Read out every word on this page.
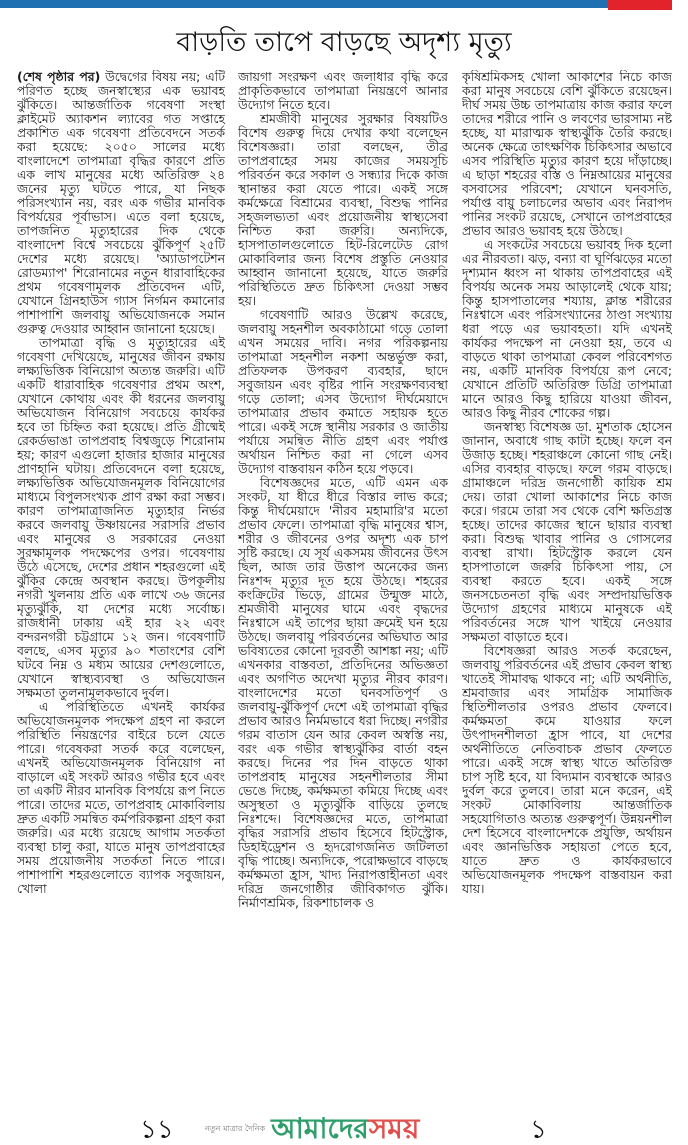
বাড়তি তাপে বাড়ছে অদৃশ্য মৃত্যু

(শেষ পৃষ্ঠার পর) উদ্বেগের বিষয় নয়; এটি পরিণত হচ্ছে জনস্বাস্থ্যের এক ভয়াবহ ঝুঁকিতে। আন্তর্জাতিক গবেষণা সংস্থা ক্লাইমেট অ্যাকশন ল্যাবের গত সপ্তাহে প্রকাশিত এক গবেষণা প্রতিবেদনে সতর্ক করা হয়েছে: ২০৫০ সালের মধ্যে বাংলাদেশে তাপমাত্রা বৃদ্ধির কারণে প্রতি এক লাখ মানুষের মধ্যে অতিরিক্ত ২৪ জনের মৃত্যু ঘটতে পারে, যা নিছক পরিসংখ্যান নয়, বরং এক গভীর মানবিক বিপর্যয়ের পূর্বাভাস। এতে বলা হয়েছে, তাপজনিত মৃত্যুহারের দিক থেকে বাংলাদেশ বিশ্বে সবচেয়ে ঝুঁকিপূর্ণ ২৫টি দেশের মধ্যে রয়েছে। 'অ্যাডাপটেশন রোডম্যাপ' শিরোনামের নতুন ধারাবাহিকের প্রথম গবেষণামূলক প্রতিবেদন এটি, যেখানে গ্রিনহাউস গ্যাস নির্গমন কমানোর পাশাপাশি জলবায়ু অভিযোজনকে সমান গুরুত্ব দেওয়ার আহ্বান জানানো হয়েছে।

তাপমাত্রা বৃদ্ধি ও মৃত্যুহারের এই গবেষণা দেখিয়েছে, মানুষের জীবন রক্ষায় লক্ষ্যভিত্তিক বিনিয়োগ অত্যন্ত জরুরি। এটি একটি ধারাবাহিক গবেষণার প্রথম অংশ, যেখানে কোথায় এবং কী ধরনের জলবায়ু অভিযোজন বিনিয়োগ সবচেয়ে কার্যকর হবে তা চিহ্নিত করা হয়েছে। প্রতি গ্রীষ্মেই রেকর্ডভাঙা তাপপ্রবাহ বিশ্বজুড়ে শিরোনাম হয়; কারণ এগুলো হাজার হাজার মানুষের প্রাণহানি ঘটায়। প্রতিবেদনে বলা হয়েছে, লক্ষ্যভিত্তিক অভিযোজনমূলক বিনিয়োগের মাধ্যমে বিপুলসংখ্যক প্রাণ রক্ষা করা সম্ভব। কারণ তাপমাত্রাজনিত মৃত্যুহার নির্ভর করবে জলবায়ু উষ্ণায়নের সরাসরি প্রভাব এবং মানুষের ও সরকারের নেওয়া সুরক্ষামূলক পদক্ষেপের ওপর। গবেষণায় উঠে এসেছে, দেশের প্রধান শহরগুলো এই ঝুঁকির কেন্দ্রে অবস্থান করছে। উপকূলীয় নগরী খুলনায় প্রতি এক লাখে ৩৬ জনের মৃত্যুঝুঁকি, যা দেশের মধ্যে সর্বোচ্চ। রাজধানী ঢাকায় এই হার ২২ এবং বন্দরনগরী চট্টগ্রামে ১২ জন। গবেষণাটি বলছে, এসব মৃত্যুর ৯০ শতাংশের বেশি ঘটবে নিম্ন ও মধ্যম আয়ের দেশগুলোতে, যেখানে স্বাস্থ্যব্যবস্থা ও অভিযোজন সক্ষমতা তুলনামূলকভাবে দুর্বল।

এ পরিস্থিতিতে এখনই কার্যকর অভিযোজনমূলক পদক্ষেপ গ্রহণ না করলে পরিস্থিতি নিয়ন্ত্রণের বাইরে চলে যেতে পারে। গবেষকরা সতর্ক করে বলেছেন, এখনই অভিযোজনমূলক বিনিয়োগ না বাড়ালে এই সংকট আরও গভীর হবে এবং তা একটি নীরব মানবিক বিপর্যয়ে রূপ নিতে পারে। তাদের মতে, তাপপ্রবাহ মোকাবিলায় দ্রুত একটি সমন্বিত কর্মপরিকল্পনা গ্রহণ করা জরুরি। এর মধ্যে রয়েছে আগাম সতর্কতা ব্যবস্থা চালু করা, যাতে মানুষ তাপপ্রবাহের সময় প্রয়োজনীয় সতর্কতা নিতে পারে। পাশাপাশি শহরগুলোতে ব্যাপক সবুজায়ন, খোলা

জায়গা সংরক্ষণ এবং জলাধার বৃদ্ধি করে প্রাকৃতিকভাবে তাপমাত্রা নিয়ন্ত্রণে আনার উদ্যোগ নিতে হবে।

শ্রমজীবী মানুষের সুরক্ষার বিষয়টিও বিশেষ গুরুত্ব দিয়ে দেখার কথা বলেছেন বিশেষজ্ঞরা। তারা বলছেন, তীব্র তাপপ্রবাহের সময় কাজের সময়সূচি পরিবর্তন করে সকাল ও সন্ধ্যার দিকে কাজ স্থানান্তর করা যেতে পারে। একই সঙ্গে কর্মক্ষেত্রে বিশ্রামের ব্যবস্থা, বিশুদ্ধ পানির সহজলভ্যতা এবং প্রয়োজনীয় স্বাস্থ্যসেবা নিশ্চিত করা জরুরি। অন্যদিকে, হাসপাতালগুলোতে হিট-রিলেটেড রোগ মোকাবিলার জন্য বিশেষ প্রস্তুতি নেওয়ার আহ্বান জানানো হয়েছে, যাতে জরুরি পরিস্থিতিতে দ্রুত চিকিৎসা দেওয়া সম্ভব হয়।

গবেষণাটি আরও উল্লেখ করেছে, জলবায়ু সহনশীল অবকাঠামো গড়ে তোলা এখন সময়ের দাবি। নগর পরিকল্পনায় তাপমাত্রা সহনশীল নকশা অন্তর্ভুক্ত করা, প্রতিফলক উপকরণ ব্যবহার, ছাদে সবুজায়ন এবং বৃষ্টির পানি সংরক্ষণব্যবস্থা গড়ে তোলা; এসব উদ্যোগ দীর্ঘমেয়াদে তাপমাত্রার প্রভাব কমাতে সহায়ক হতে পারে। একই সঙ্গে স্থানীয় সরকার ও জাতীয় পর্যায়ে সমন্বিত নীতি গ্রহণ এবং পর্যাপ্ত অর্থায়ন নিশ্চিত করা না গেলে এসব উদ্যোগ বাস্তবায়ন কঠিন হয়ে পড়বে।

বিশেষজ্ঞদের মতে, এটি এমন এক সংকট, যা ধীরে ধীরে বিস্তার লাভ করে; কিন্তু দীর্ঘমেয়াদে 'নীরব মহামারি'র মতো প্রভাব ফেলে। তাপমাত্রা বৃদ্ধি মানুষের শ্বাস, শরীর ও জীবনের ওপর অদৃশ্য এক চাপ সৃষ্টি করছে। যে সূর্য একসময় জীবনের উৎস ছিল, আজ তার উত্তাপ অনেকের জন্য নিঃশব্দ মৃত্যুর দূত হয়ে উঠছে। শহরের কংক্রিটের ভিড়ে, গ্রামের উন্মুক্ত মাঠে, শ্রমজীবী মানুষের ঘামে এবং বৃদ্ধদের নিঃশ্বাসে এই তাপের ছায়া ক্রমেই ঘন হয়ে উঠছে। জলবায়ু পরিবর্তনের অভিঘাত আর ভবিষ্যতের কোনো দূরবর্তী আশঙ্কা নয়; এটি এখনকার বাস্তবতা, প্রতিদিনের অভিজ্ঞতা এবং অগণিত অদেখা মৃত্যুর নীরব কারণ। বাংলাদেশের মতো ঘনবসতিপূর্ণ ও জলবায়ু-ঝুঁকিপূর্ণ দেশে এই তাপমাত্রা বৃদ্ধির প্রভাব আরও নির্মমভাবে ধরা দিচ্ছে। নগরীর গরম বাতাস যেন আর কেবল অস্বস্তি নয়, বরং এক গভীর স্বাস্থ্যঝুঁকির বার্তা বহন করছে। দিনের পর দিন বাড়তে থাকা তাপপ্রবাহ মানুষের সহনশীলতার সীমা ভেঙে দিচ্ছে, কর্মক্ষমতা কমিয়ে দিচ্ছে এবং অসুস্থতা ও মৃত্যুঝুঁকি বাড়িয়ে তুলছে নিঃশব্দে। বিশেষজ্ঞদের মতে, তাপমাত্রা বৃদ্ধির সরাসরি প্রভাব হিসেবে হিটস্ট্রোক, ডিহাইড্রেশন ও হৃদরোগজনিত জটিলতা বৃদ্ধি পাচ্ছে। অন্যদিকে, পরোক্ষভাবে বাড়ছে কর্মক্ষমতা হ্রাস, খাদ্য নিরাপত্তাহীনতা এবং দরিদ্র জনগোষ্ঠীর জীবিকাগত ঝুঁকি। নির্মাণশ্রমিক, রিকশাচালক ও

কৃষিশ্রমিকসহ খোলা আকাশের নিচে কাজ করা মানুষ সবচেয়ে বেশি ঝুঁকিতে রয়েছেন। দীর্ঘ সময় উচ্চ তাপমাত্রায় কাজ করার ফলে তাদের শরীরে পানি ও লবণের ভারসাম্য নষ্ট হচ্ছে, যা মারাত্মক স্বাস্থ্যঝুঁকি তৈরি করছে। অনেক ক্ষেত্রে তাৎক্ষণিক চিকিৎসার অভাবে এসব পরিস্থিতি মৃত্যুর কারণ হয়ে দাঁড়াচ্ছে। এ ছাড়া শহরের বস্তি ও নিম্নআয়ের মানুষের বসবাসের পরিবেশ; যেখানে ঘনবসতি, পর্যাপ্ত বায়ু চলাচলের অভাব এবং নিরাপদ পানির সংকট রয়েছে, সেখানে তাপপ্রবাহের প্রভাব আরও ভয়াবহ হয়ে উঠছে।

এ সংকটের সবচেয়ে ভয়াবহ দিক হলো এর নীরবতা। ঝড়, বন্যা বা ঘূর্ণিঝড়ের মতো দৃশ্যমান ধ্বংস না থাকায় তাপপ্রবাহের এই বিপর্যয় অনেক সময় আড়ালেই থেকে যায়; কিন্তু হাসপাতালের শয্যায়, ক্লান্ত শরীরের নিঃশ্বাসে এবং পরিসংখ্যানের ঠাণ্ডা সংখ্যায় ধরা পড়ে এর ভয়াবহতা। যদি এখনই কার্যকর পদক্ষেপ না নেওয়া হয়, তবে এ বাড়তে থাকা তাপমাত্রা কেবল পরিবেশগত নয়, একটি মানবিক বিপর্যয়ে রূপ নেবে; যেখানে প্রতিটি অতিরিক্ত ডিগ্রি তাপমাত্রা মানে আরও কিছু হারিয়ে যাওয়া জীবন, আরও কিছু নীরব শোকের গল্প।

জনস্বাস্থ্য বিশেষজ্ঞ ডা. মুশতাক হোসেন জানান, অবাধে গাছ কাটা হচ্ছে। ফলে বন উজাড় হচ্ছে। শহরাঞ্চলে কোনো গাছ নেই। এসির ব্যবহার বাড়ছে। ফলে গরম বাড়ছে। গ্রামাঞ্চলে দরিদ্র জনগোষ্ঠী কায়িক শ্রম দেয়। তারা খোলা আকাশের নিচে কাজ করে। গরমে তারা সব থেকে বেশি ক্ষতিগ্রস্ত হচ্ছে। তাদের কাজের স্থানে ছায়ার ব্যবস্থা করা। বিশুদ্ধ খাবার পানির ও গোসলের ব্যবস্থা রাখা। হিটস্ট্রোক করলে যেন হাসপাতালে জরুরি চিকিৎসা পায়, সে ব্যবস্থা করতে হবে। একই সঙ্গে জনসচেতনতা বৃদ্ধি এবং সম্প্রদায়ভিত্তিক উদ্যোগ গ্রহণের মাধ্যমে মানুষকে এই পরিবর্তনের সঙ্গে খাপ খাইয়ে নেওয়ার সক্ষমতা বাড়াতে হবে।

বিশেষজ্ঞরা আরও সতর্ক করেছেন, জলবায়ু পরিবর্তনের এই প্রভাব কেবল স্বাস্থ্য খাতেই সীমাবদ্ধ থাকবে না; এটি অর্থনীতি, শ্রমবাজার এবং সামগ্রিক সামাজিক স্থিতিশীলতার ওপরও প্রভাব ফেলবে। কর্মক্ষমতা কমে যাওয়ার ফলে উৎপাদনশীলতা হ্রাস পাবে, যা দেশের অর্থনীতিতে নেতিবাচক প্রভাব ফেলতে পারে। একই সঙ্গে স্বাস্থ্য খাতে অতিরিক্ত চাপ সৃষ্টি হবে, যা বিদ্যমান ব্যবস্থাকে আরও দুর্বল করে তুলবে। তারা মনে করেন, এই সংকট মোকাবিলায় আন্তর্জাতিক সহযোগিতাও অত্যন্ত গুরুত্বপূর্ণ। উন্নয়নশীল দেশ হিসেবে বাংলাদেশকে প্রযুক্তি, অর্থায়ন এবং জ্ঞানভিত্তিক সহায়তা পেতে হবে, যাতে দ্রুত ও কার্যকরভাবে অভিযোজনমূলক পদক্ষেপ বাস্তবায়ন করা যায়।

১১	নতুন মাত্রার দৈনিক আমাদেরসময়	১
